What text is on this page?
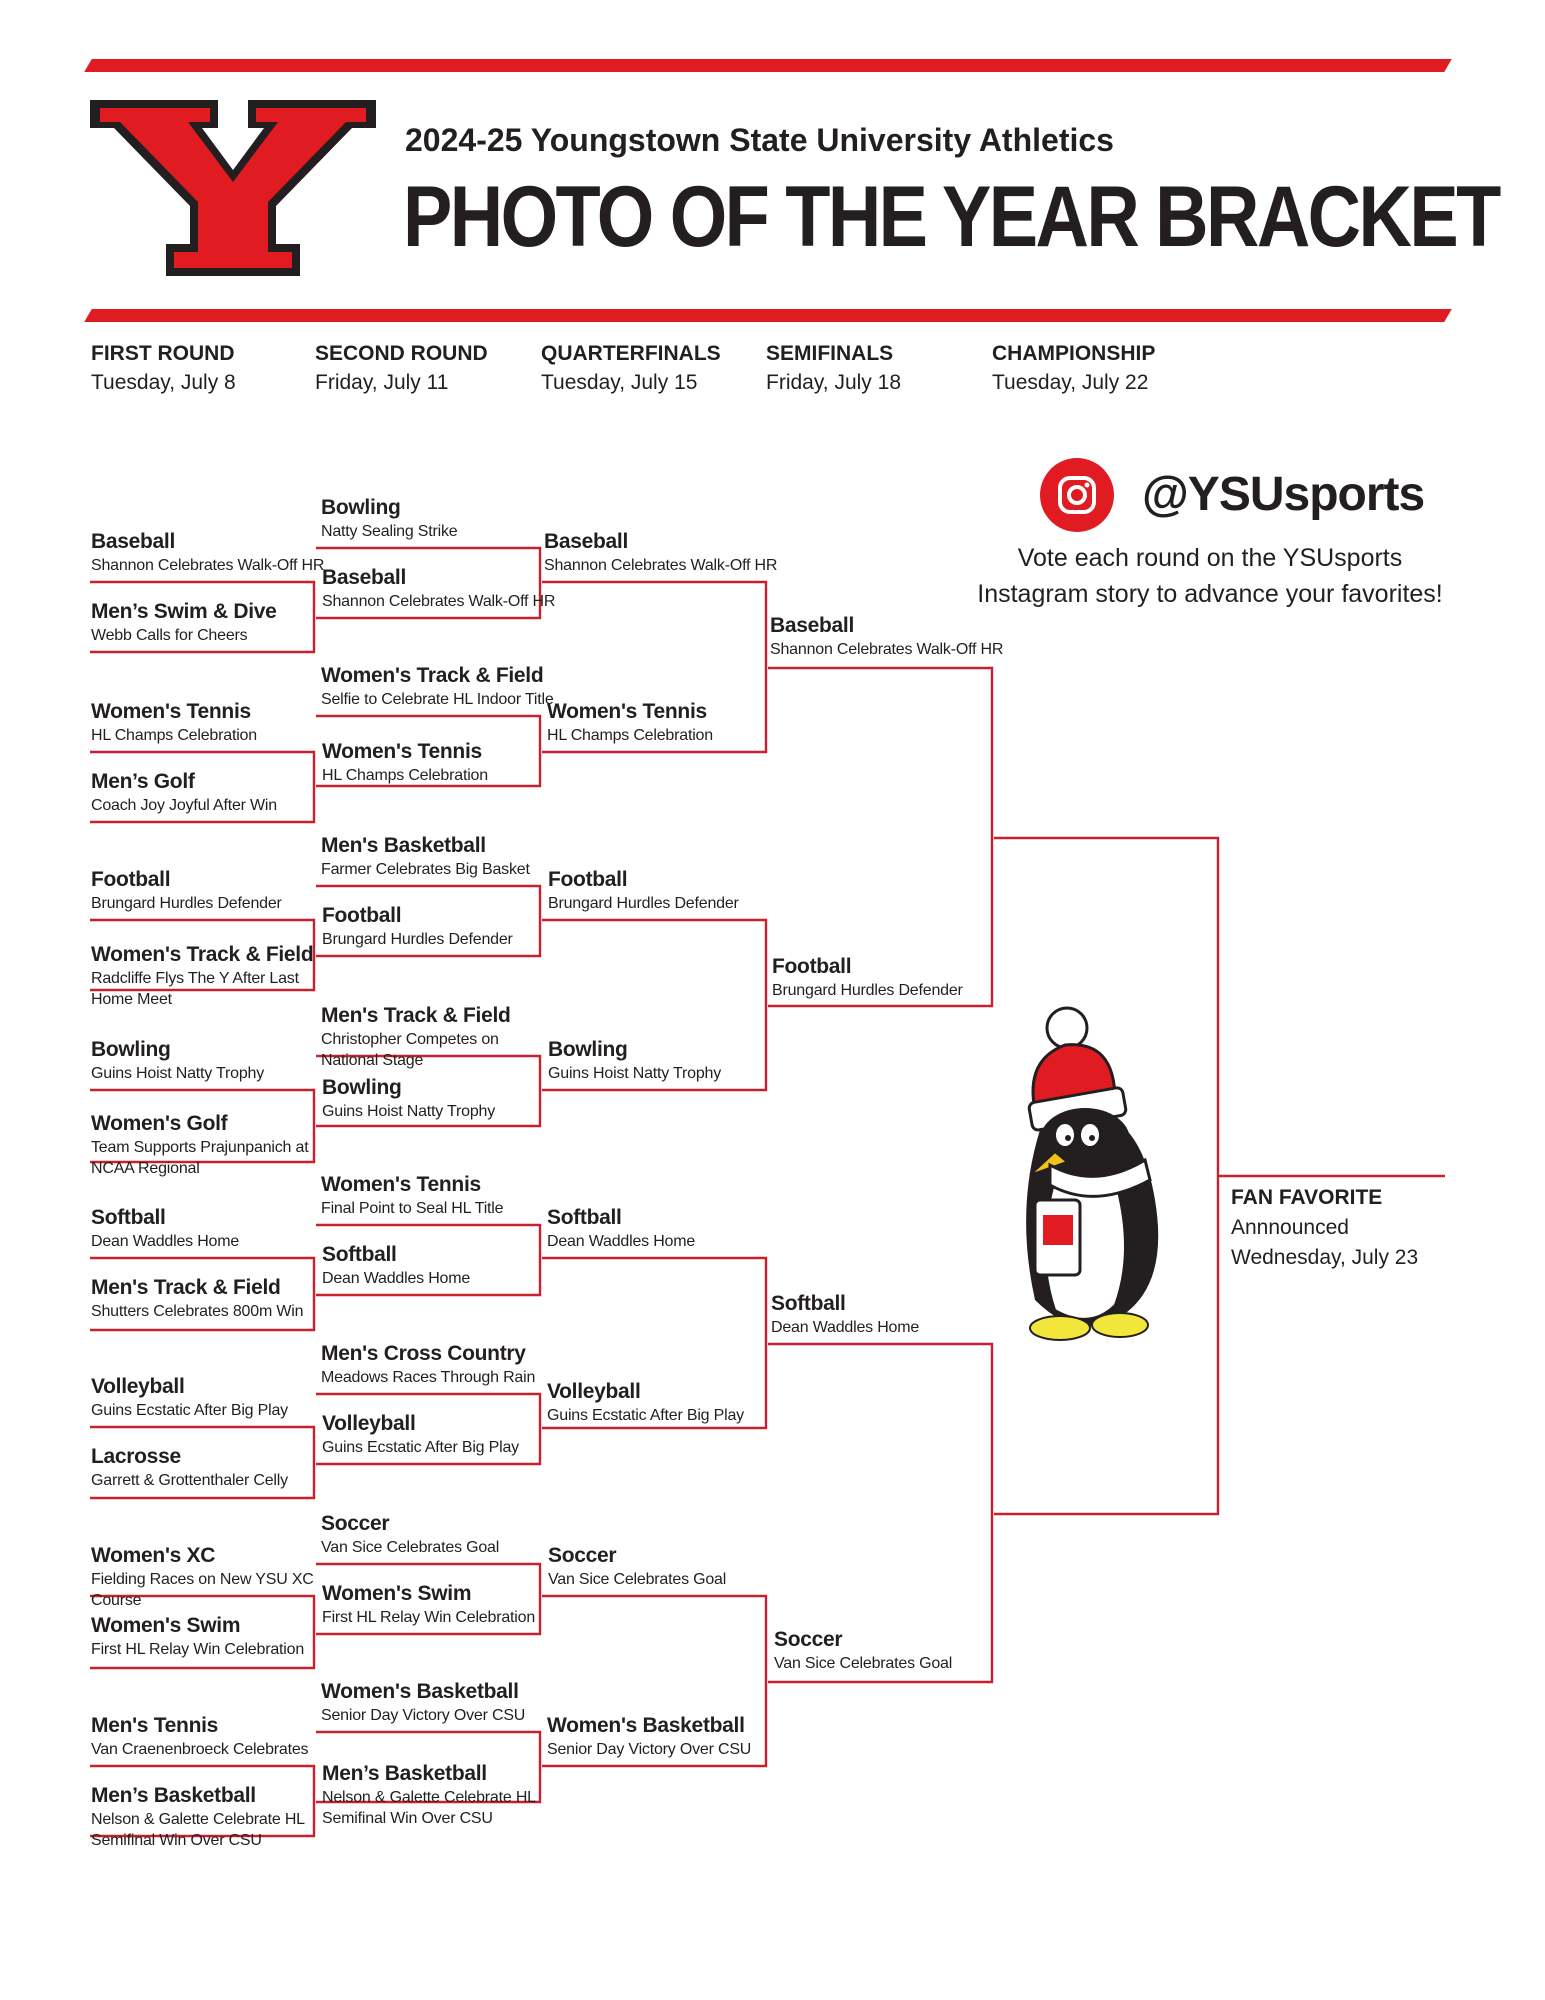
2024-25 Youngstown State University Athletics
PHOTO OF THE YEAR BRACKET
FIRST ROUND
Tuesday, July 8
SECOND ROUND
Friday, July 11
QUARTERFINALS
Tuesday, July 15
SEMIFINALS
Friday, July 18
CHAMPIONSHIP
Tuesday, July 22
@YSUsports
Vote each round on the YSUsports
Instagram story to advance your favorites!
Baseball
Shannon Celebrates Walk-Off HR
Men’s Swim & Dive
Webb Calls for Cheers
Women's Tennis
HL Champs Celebration
Men’s Golf
Coach Joy Joyful After Win
Football
Brungard Hurdles Defender
Women's Track & Field
Radcliffe Flys The Y After Last Home Meet
Bowling
Guins Hoist Natty Trophy
Women's Golf
Team Supports Prajunpanich at NCAA Regional
Softball
Dean Waddles Home
Men's Track & Field
Shutters Celebrates 800m Win
Volleyball
Guins Ecstatic After Big Play
Lacrosse
Garrett & Grottenthaler Celly
Women's XC
Fielding Races on New YSU XC Course
Women's Swim
First HL Relay Win Celebration
Men's Tennis
Van Craenenbroeck Celebrates
Men’s Basketball
Nelson & Galette Celebrate HL Semifinal Win Over CSU
Bowling
Natty Sealing Strike
Women's Track & Field
Selfie to Celebrate HL Indoor Title
Men's Basketball
Farmer Celebrates Big Basket
Men's Track & Field
Christopher Competes on National Stage
Women's Tennis
Final Point to Seal HL Title
Men's Cross Country
Meadows Races Through Rain
Soccer
Van Sice Celebrates Goal
Women's Basketball
Senior Day Victory Over CSU
Baseball
Shannon Celebrates Walk-Off HR
Women's Tennis
HL Champs Celebration
Football
Brungard Hurdles Defender
Bowling
Guins Hoist Natty Trophy
Softball
Dean Waddles Home
Volleyball
Guins Ecstatic After Big Play
Women's Swim
First HL Relay Win Celebration
Men’s Basketball
Nelson & Galette Celebrate HL Semifinal Win Over CSU
Baseball
Shannon Celebrates Walk-Off HR
Women's Tennis
HL Champs Celebration
Football
Brungard Hurdles Defender
Bowling
Guins Hoist Natty Trophy
Softball
Dean Waddles Home
Volleyball
Guins Ecstatic After Big Play
Soccer
Van Sice Celebrates Goal
Women's Basketball
Senior Day Victory Over CSU
Baseball
Shannon Celebrates Walk-Off HR
Football
Brungard Hurdles Defender
Softball
Dean Waddles Home
Soccer
Van Sice Celebrates Goal
FAN FAVORITE
Annnounced
Wednesday, July 23
